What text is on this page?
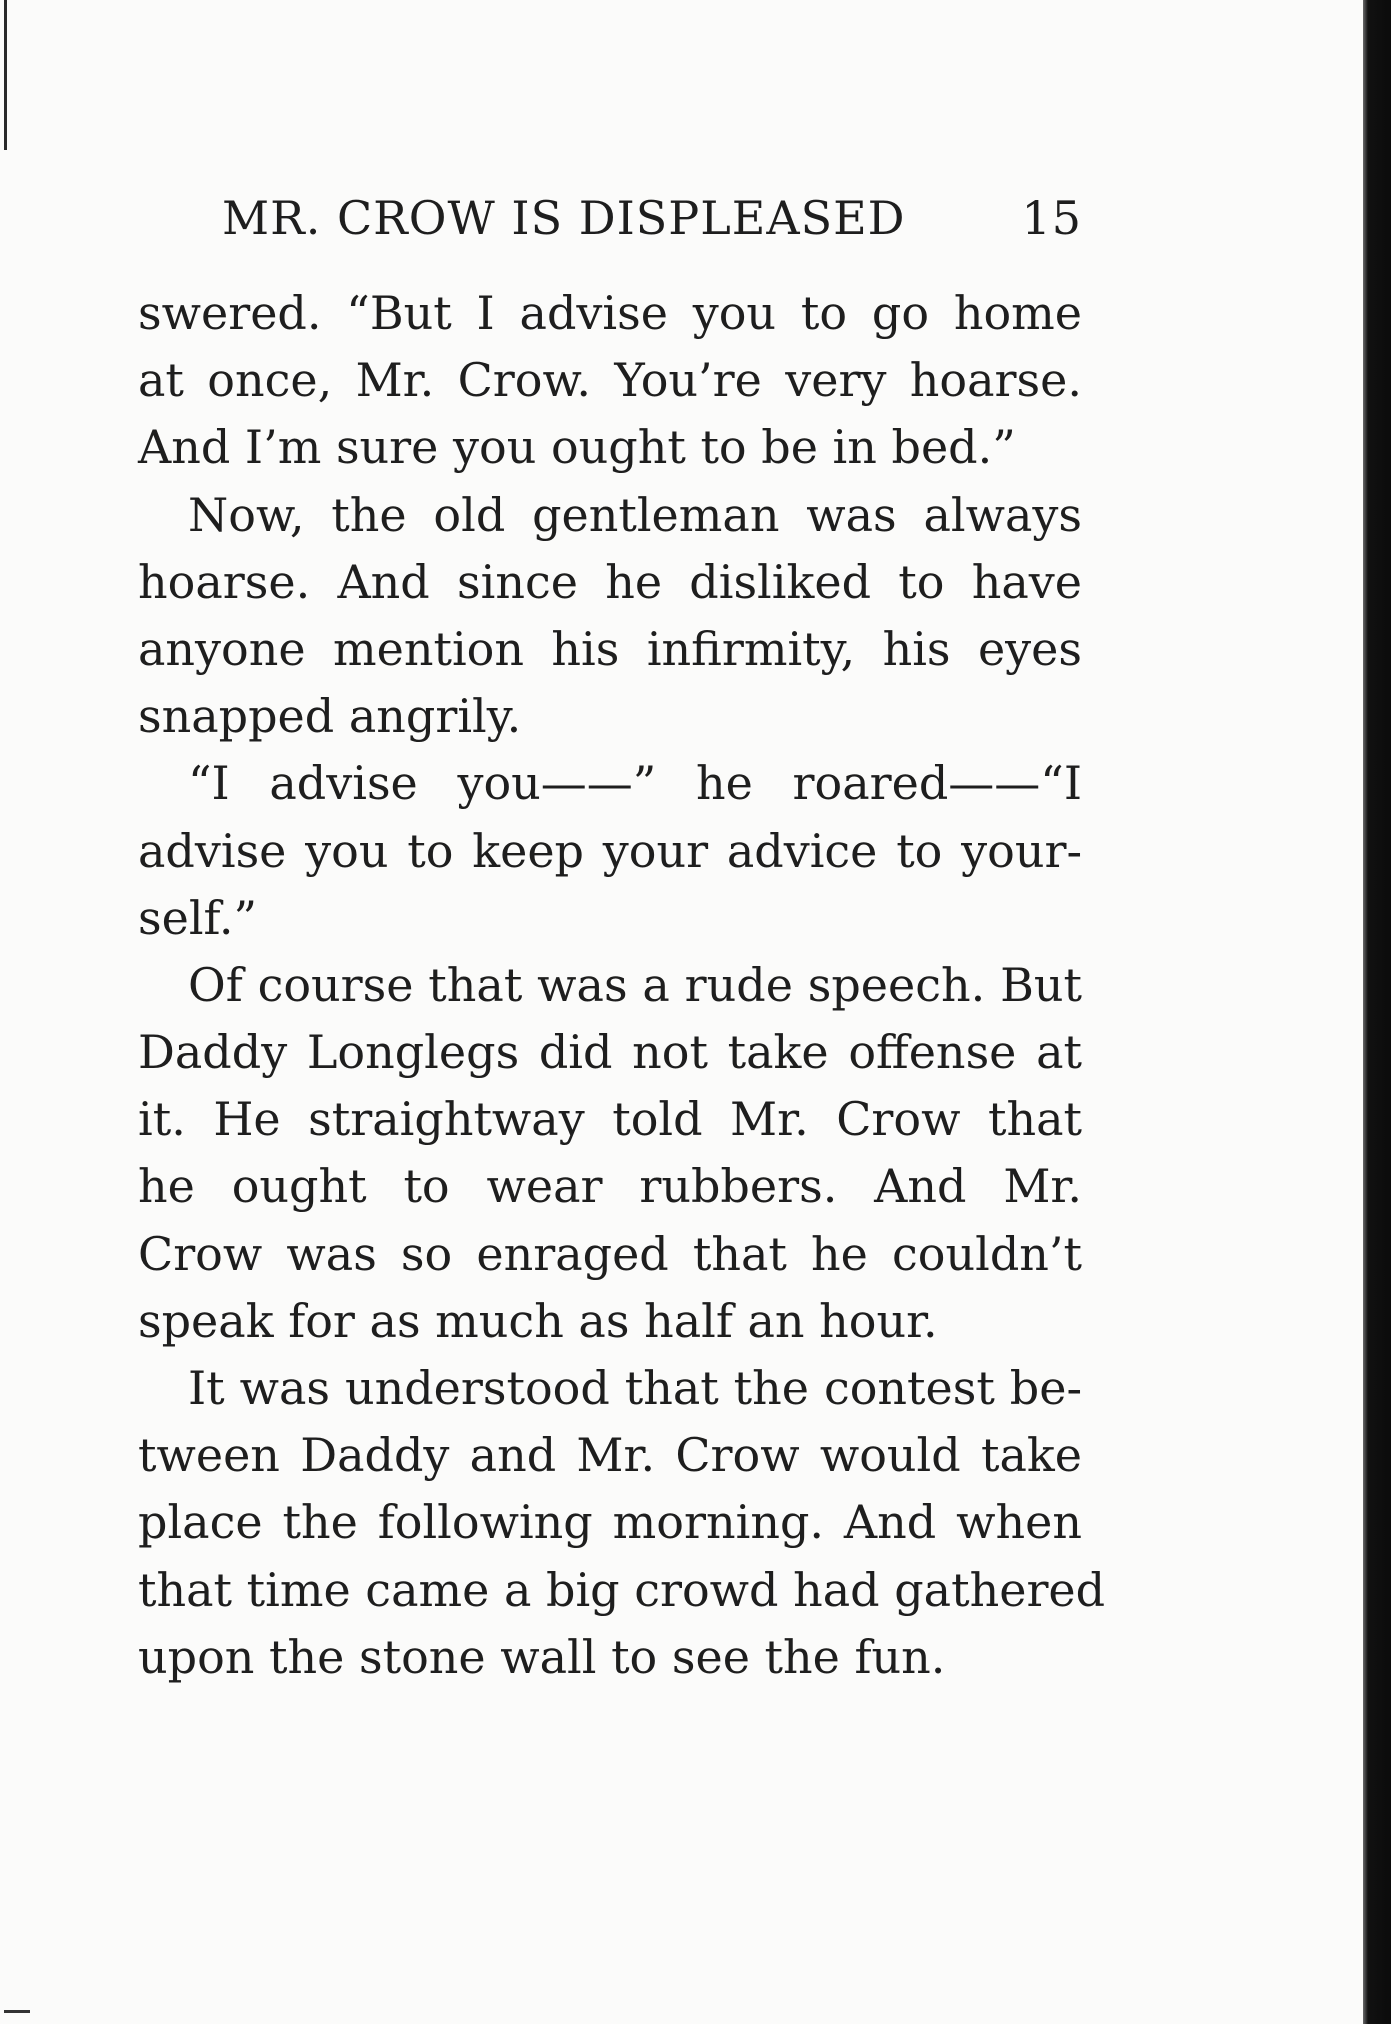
MR. CROW IS DISPLEASED	15
swered. “But I advise you to go home
at once, Mr. Crow. You’re very hoarse.
And I’m sure you ought to be in bed.”
Now, the old gentleman was always
hoarse. And since he disliked to have
anyone mention his infirmity, his eyes
snapped angrily.
“I advise you——” he roared——“I
advise you to keep your advice to your-
self.”
Of course that was a rude speech. But
Daddy Longlegs did not take offense at
it. He straightway told Mr. Crow that
he ought to wear rubbers. And Mr.
Crow was so enraged that he couldn’t
speak for as much as half an hour.
It was understood that the contest be-
tween Daddy and Mr. Crow would take
place the following morning. And when
that time came a big crowd had gathered
upon the stone wall to see the fun.
